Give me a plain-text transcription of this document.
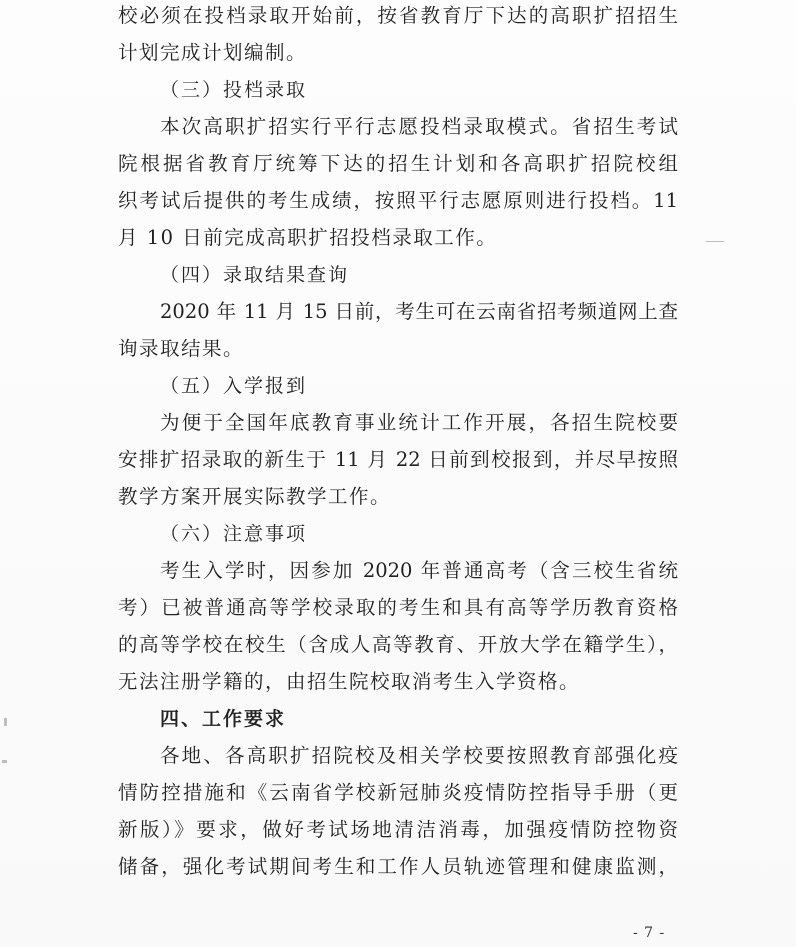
校必须在投档录取开始前，按省教育厅下达的高职扩招招生
计划完成计划编制。
（三）投档录取
本次高职扩招实行平行志愿投档录取模式。省招生考试
院根据省教育厅统筹下达的招生计划和各高职扩招院校组
织考试后提供的考生成绩，按照平行志愿原则进行投档。11
月 10 日前完成高职扩招投档录取工作。
（四）录取结果查询
2020 年 11 月 15 日前，考生可在云南省招考频道网上查
询录取结果。
（五）入学报到
为便于全国年底教育事业统计工作开展，各招生院校要
安排扩招录取的新生于 11 月 22 日前到校报到，并尽早按照
教学方案开展实际教学工作。
（六）注意事项
考生入学时，因参加 2020 年普通高考（含三校生省统
考）已被普通高等学校录取的考生和具有高等学历教育资格
的高等学校在校生（含成人高等教育、开放大学在籍学生），
无法注册学籍的，由招生院校取消考生入学资格。
四、工作要求
各地、各高职扩招院校及相关学校要按照教育部强化疫
情防控措施和《云南省学校新冠肺炎疫情防控指导手册（更
新版）》要求，做好考试场地清洁消毒，加强疫情防控物资
储备，强化考试期间考生和工作人员轨迹管理和健康监测，
- 7 -
